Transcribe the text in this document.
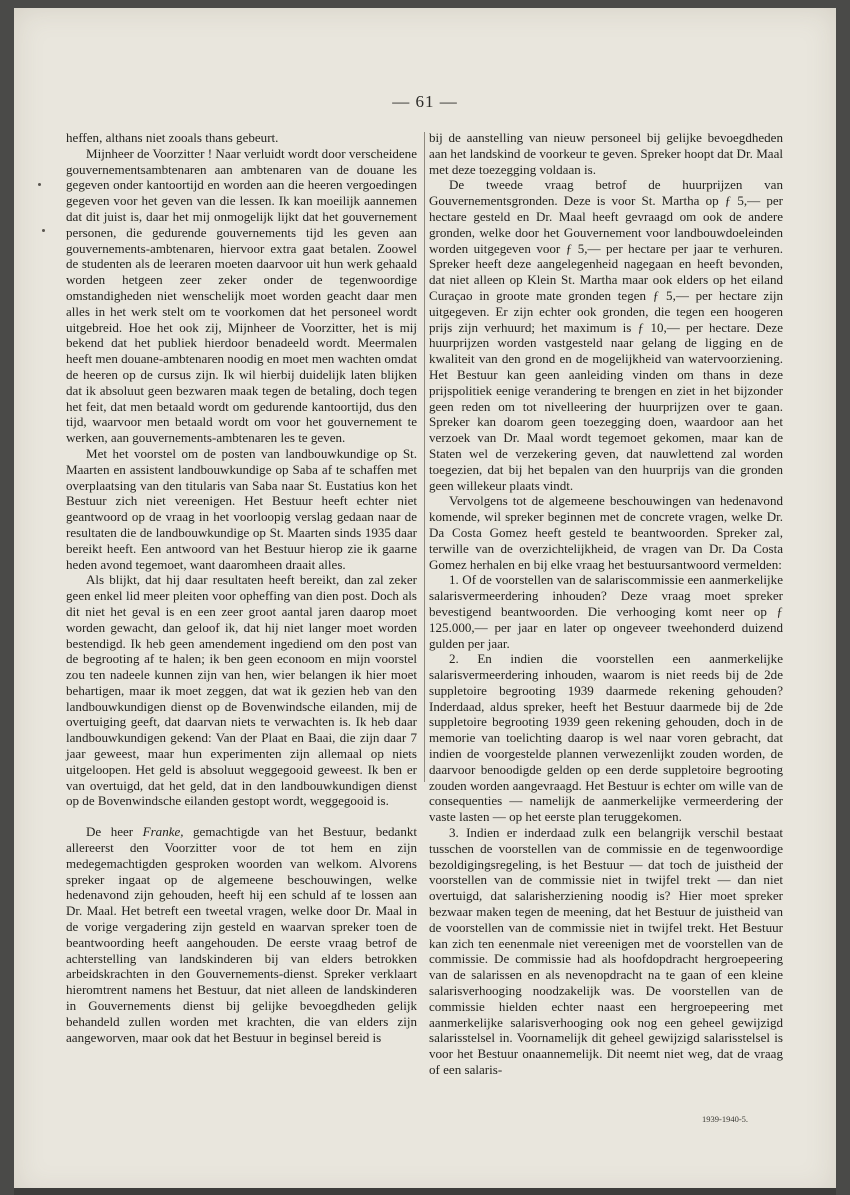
— 61 —

heffen, althans niet zooals thans gebeurt.

Mijnheer de Voorzitter ! Naar verluidt wordt door verscheidene gouvernementsambtenaren aan ambtenaren van de douane les gegeven onder kantoortijd en worden aan die heeren vergoedingen gegeven voor het geven van die lessen. Ik kan moeilijk aannemen dat dit juist is, daar het mij onmogelijk lijkt dat het gouvernement personen, die gedurende gouvernements tijd les geven aan gouvernements-ambtenaren, hiervoor extra gaat betalen. Zoowel de studenten als de leeraren moeten daarvoor uit hun werk gehaald worden hetgeen zeer zeker onder de tegenwoordige omstandigheden niet wenschelijk moet worden geacht daar men alles in het werk stelt om te voorkomen dat het personeel wordt uitgebreid. Hoe het ook zij, Mijnheer de Voorzitter, het is mij bekend dat het publiek hierdoor benadeeld wordt. Meermalen heeft men douane-ambtenaren noodig en moet men wachten omdat de heeren op de cursus zijn. Ik wil hierbij duidelijk laten blijken dat ik absoluut geen bezwaren maak tegen de betaling, doch tegen het feit, dat men betaald wordt om gedurende kantoortijd, dus den tijd, waarvoor men betaald wordt om voor het gouvernement te werken, aan gouvernements-ambtenaren les te geven.

Met het voorstel om de posten van landbouwkundige op St. Maarten en assistent landbouwkundige op Saba af te schaffen met overplaatsing van den titularis van Saba naar St. Eustatius kon het Bestuur zich niet vereenigen. Het Bestuur heeft echter niet geantwoord op de vraag in het voorloopig verslag gedaan naar de resultaten die de landbouwkundige op St. Maarten sinds 1935 daar bereikt heeft. Een antwoord van het Bestuur hierop zie ik gaarne heden avond tegemoet, want daaromheen draait alles.

Als blijkt, dat hij daar resultaten heeft bereikt, dan zal zeker geen enkel lid meer pleiten voor opheffing van dien post. Doch als dit niet het geval is en een zeer groot aantal jaren daarop moet worden gewacht, dan geloof ik, dat hij niet langer moet worden bestendigd. Ik heb geen amendement ingediend om den post van de begrooting af te halen; ik ben geen econoom en mijn voorstel zou ten nadeele kunnen zijn van hen, wier belangen ik hier moet behartigen, maar ik moet zeggen, dat wat ik gezien heb van den landbouwkundigen dienst op de Bovenwindsche eilanden, mij de overtuiging geeft, dat daarvan niets te verwachten is. Ik heb daar landbouwkundigen gekend: Van der Plaat en Baai, die zijn daar 7 jaar geweest, maar hun experimenten zijn allemaal op niets uitgeloopen. Het geld is absoluut weggegooid geweest. Ik ben er van overtuigd, dat het geld, dat in den landbouwkundigen dienst op de Bovenwindsche eilanden gestopt wordt, weggegooid is.

De heer Franke, gemachtigde van het Bestuur, bedankt allereerst den Voorzitter voor de tot hem en zijn medegemachtigden gesproken woorden van welkom. Alvorens spreker ingaat op de algemeene beschouwingen, welke hedenavond zijn gehouden, heeft hij een schuld af te lossen aan Dr. Maal. Het betreft een tweetal vragen, welke door Dr. Maal in de vorige vergadering zijn gesteld en waarvan spreker toen de beantwoording heeft aangehouden. De eerste vraag betrof de achterstelling van landskinderen bij van elders betrokken arbeidskrachten in den Gouvernements-dienst. Spreker verklaart hieromtrent namens het Bestuur, dat niet alleen de landskinderen in Gouvernements dienst bij gelijke bevoegdheden gelijk behandeld zullen worden met krachten, die van elders zijn aangeworven, maar ook dat het Bestuur in beginsel bereid is

bij de aanstelling van nieuw personeel bij gelijke bevoegdheden aan het landskind de voorkeur te geven. Spreker hoopt dat Dr. Maal met deze toezegging voldaan is.

De tweede vraag betrof de huurprijzen van Gouvernementsgronden. Deze is voor St. Martha op ƒ 5,— per hectare gesteld en Dr. Maal heeft gevraagd om ook de andere gronden, welke door het Gouvernement voor landbouwdoeleinden worden uitgegeven voor ƒ 5,— per hectare per jaar te verhuren. Spreker heeft deze aangelegenheid nagegaan en heeft bevonden, dat niet alleen op Klein St. Martha maar ook elders op het eiland Curaçao in groote mate gronden tegen ƒ 5,— per hectare zijn uitgegeven. Er zijn echter ook gronden, die tegen een hoogeren prijs zijn verhuurd; het maximum is ƒ 10,— per hectare. Deze huurprijzen worden vastgesteld naar gelang de ligging en de kwaliteit van den grond en de mogelijkheid van watervoorziening. Het Bestuur kan geen aanleiding vinden om thans in deze prijspolitiek eenige verandering te brengen en ziet in het bijzonder geen reden om tot nivelleering der huurprijzen over te gaan. Spreker kan doarom geen toezegging doen, waardoor aan het verzoek van Dr. Maal wordt tegemoet gekomen, maar kan de Staten wel de verzekering geven, dat nauwlettend zal worden toegezien, dat bij het bepalen van den huurprijs van die gronden geen willekeur plaats vindt.

Vervolgens tot de algemeene beschouwingen van hedenavond komende, wil spreker beginnen met de concrete vragen, welke Dr. Da Costa Gomez heeft gesteld te beantwoorden. Spreker zal, terwille van de overzichtelijkheid, de vragen van Dr. Da Costa Gomez herhalen en bij elke vraag het bestuursantwoord vermelden:

1. Of de voorstellen van de salariscommissie een aanmerkelijke salarisvermeerdering inhouden? Deze vraag moet spreker bevestigend beantwoorden. Die verhooging komt neer op ƒ 125.000,— per jaar en later op ongeveer tweehonderd duizend gulden per jaar.

2. En indien die voorstellen een aanmerkelijke salarisvermeerdering inhouden, waarom is niet reeds bij de 2de suppletoire begrooting 1939 daarmede rekening gehouden? Inderdaad, aldus spreker, heeft het Bestuur daarmede bij de 2de suppletoire begrooting 1939 geen rekening gehouden, doch in de memorie van toelichting daarop is wel naar voren gebracht, dat indien de voorgestelde plannen verwezenlijkt zouden worden, de daarvoor benoodigde gelden op een derde suppletoire begrooting zouden worden aangevraagd. Het Bestuur is echter om wille van de consequenties — namelijk de aanmerkelijke vermeerdering der vaste lasten — op het eerste plan teruggekomen.

3. Indien er inderdaad zulk een belangrijk verschil bestaat tusschen de voorstellen van de commissie en de tegenwoordige bezoldigingsregeling, is het Bestuur — dat toch de juistheid der voorstellen van de commissie niet in twijfel trekt — dan niet overtuigd, dat salarisherziening noodig is? Hier moet spreker bezwaar maken tegen de meening, dat het Bestuur de juistheid van de voorstellen van de commissie niet in twijfel trekt. Het Bestuur kan zich ten eenenmale niet vereenigen met de voorstellen van de commissie. De commissie had als hoofdopdracht hergroepeering van de salarissen en als nevenopdracht na te gaan of een kleine salarisverhooging noodzakelijk was. De voorstellen van de commissie hielden echter naast een hergroepeering met aanmerkelijke salarisverhooging ook nog een geheel gewijzigd salarisstelsel in. Voornamelijk dit geheel gewijzigd salarisstelsel is voor het Bestuur onaannemelijk. Dit neemt niet weg, dat de vraag of een salaris-

1939-1940-5.
